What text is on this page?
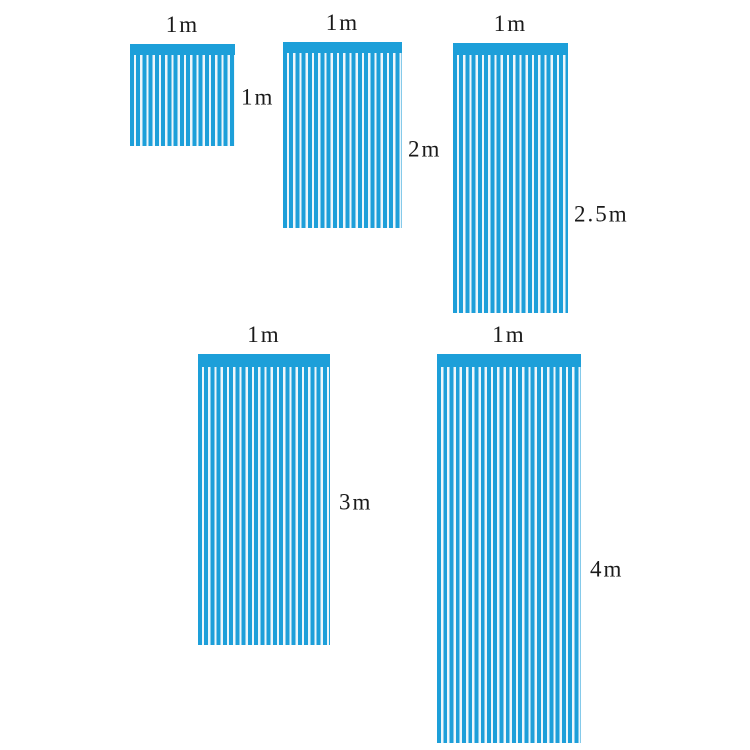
1m
1m
1m
2m
1m
2.5m
1m
3m
1m
4m
